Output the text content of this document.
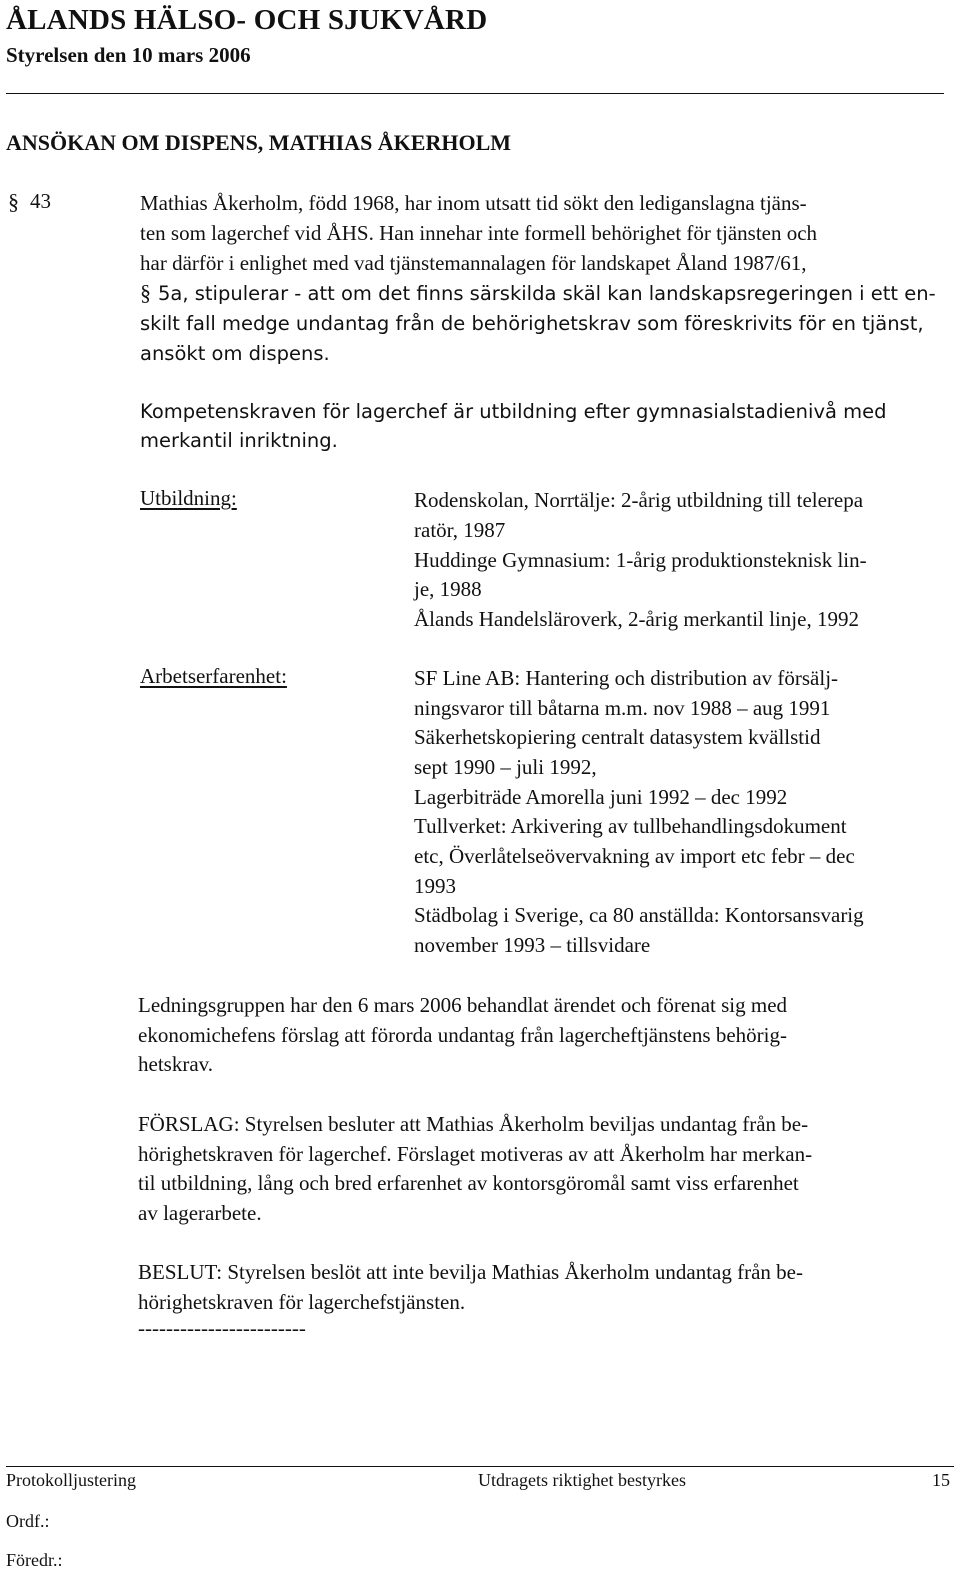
ÅLANDS HÄLSO- OCH SJUKVÅRD
Styrelsen den 10 mars 2006
ANSÖKAN OM DISPENS, MATHIAS ÅKERHOLM
§ 43	Mathias Åkerholm, född 1968, har inom utsatt tid sökt den lediganslagna tjäns-
ten som lagerchef vid ÅHS. Han innehar inte formell behörighet för tjänsten och
har därför i enlighet med vad tjänstemannalagen för landskapet Åland 1987/61,
§ 5a, stipulerar - att om det finns särskilda skäl kan landskapsregeringen i ett en-
skilt fall medge undantag från de behörighetskrav som föreskrivits för en tjänst,
ansökt om dispens.
Kompetenskraven för lagerchef är utbildning efter gymnasialstadienivå med
merkantil inriktning.
Utbildning:	Rodenskolan, Norrtälje: 2-årig utbildning till telerepa
ratör, 1987
Huddinge Gymnasium: 1-årig produktionsteknisk lin-
je, 1988
Ålands Handelsläroverk, 2-årig merkantil linje, 1992
Arbetserfarenhet:	SF Line AB: Hantering och distribution av försälj-
ningsvaror till båtarna m.m. nov 1988 – aug 1991
Säkerhetskopiering centralt datasystem kvällstid
sept 1990 – juli 1992,
Lagerbiträde Amorella juni 1992 – dec 1992
Tullverket: Arkivering av tullbehandlingsdokument
etc, Överlåtelseövervakning av import etc febr – dec
1993
Städbolag i Sverige, ca 80 anställda: Kontorsansvarig
november 1993 – tillsvidare
Ledningsgruppen har den 6 mars 2006 behandlat ärendet och förenat sig med
ekonomichefens förslag att förorda undantag från lagercheftjänstens behörig-
hetskrav.
FÖRSLAG: Styrelsen besluter att Mathias Åkerholm beviljas undantag från be-
hörighetskraven för lagerchef. Förslaget motiveras av att Åkerholm har merkan-
til utbildning, lång och bred erfarenhet av kontorsgöromål samt viss erfarenhet
av lagerarbete.
BESLUT: Styrelsen beslöt att inte bevilja Mathias Åkerholm undantag från be-
hörighetskraven för lagerchefstjänsten.
------------------------
Protokolljustering	Utdragets riktighet bestyrkes	15
Ordf.:
Föredr.:
